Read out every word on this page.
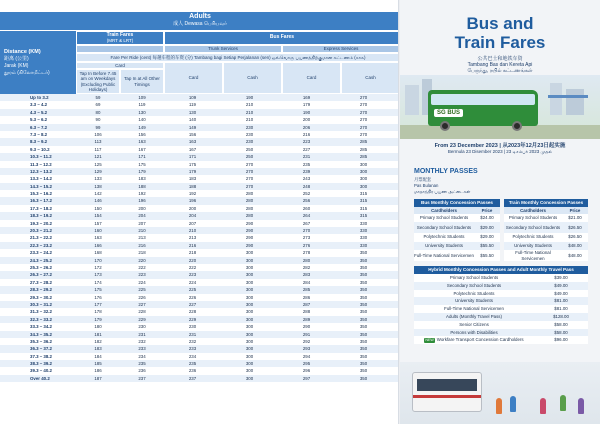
Adults
成人 Dewasa பெரியவர்
Distance (KM)
距离 (公里)
Jarak (KM)
தூரம் (கிலோமீட்டர்)
Train Fares
(MRT & LRT)
Bus Fares
Trunk Services	Express Services
Fare Per Ride (cent) 每趟车程的车资 (分) Tambang bagi Setiap Perjalanan (sen) ஒவ்வொரு பயணத்திற்குமான கட்டணம் (காசு)
Card
Tap In Before 7.45 am on Weekdays (Excluding Public Holidays)
Tap In at All Other Timings
Card	Cash	Card	Cash
Up to 3.2	59	109	109	190	169	270
3.3 – 4.2	69	119	119	210	179	270
4.3 – 5.2	80	130	130	210	190	270
5.3 – 6.2	90	140	140	210	200	270
6.3 – 7.2	99	149	149	230	206	270
7.3 – 8.2	106	156	156	230	216	270
8.3 – 9.2	113	163	163	230	223	285
9.3 – 10.2	117	167	167	250	227	285
10.3 – 11.2	121	171	171	250	231	285
11.3 – 12.2	125	175	175	270	235	300
12.3 – 13.2	129	179	179	270	239	300
13.3 – 14.2	133	183	183	270	243	300
14.3 – 15.2	138	188	188	270	248	300
15.3 – 16.2	142	192	192	280	252	315
16.3 – 17.2	146	196	196	280	256	315
17.3 – 18.2	150	200	200	280	260	315
18.3 – 19.2	154	204	204	280	264	315
19.3 – 20.2	157	207	207	290	267	330
20.3 – 21.2	160	210	210	290	270	330
21.3 – 22.2	163	213	213	290	273	330
22.3 – 23.2	166	216	216	290	276	330
23.3 – 24.2	168	218	218	300	278	350
24.3 – 25.2	170	220	220	300	280	350
25.3 – 26.2	172	222	222	300	282	350
26.3 – 27.2	173	223	223	300	283	350
27.3 – 28.2	174	224	224	300	284	350
28.3 – 29.2	175	225	225	300	285	350
29.3 – 30.2	176	226	226	300	286	350
30.3 – 31.2	177	227	227	300	287	350
31.3 – 32.2	178	228	228	300	288	350
32.3 – 33.2	179	229	229	300	289	350
33.3 – 34.2	180	230	230	300	290	350
34.3 – 35.2	181	231	231	300	291	350
35.3 – 36.2	182	232	232	300	292	350
36.3 – 37.2	183	233	233	300	293	350
37.3 – 38.2	184	234	234	300	294	350
38.3 – 39.2	185	235	235	300	295	350
39.3 – 40.2	186	236	236	300	296	350
Over 40.2	187	237	237	300	297	350
Bus and
Train Fares
公共巴士和地铁车资
Tambang Bas dan Kereta Api
பேருந்து, ரயில் கட்டணங்கள்
SG BUS
From 23 December 2023 | 从2023年12月23日起实施
Bermula 23 Disember 2023 | 23 டிசம்பர் 2023 முதல்
MONTHLY PASSES
月票配套
Pas Bulanan
மாதாந்திர பயண அட்டைகள்
Bus Monthly Concession Passes
Cardholders	Price
Primary School Students	$24.00
Secondary School Students	$29.00
Polytechnic Students	$29.00
University Students	$55.50
Full-Time National Servicemen	$55.50
Train Monthly Concession Passes
Cardholders	Price
Primary School Students	$21.00
Secondary School Students	$26.50
Polytechnic Students	$26.50
University Students	$48.00
Full-Time National Servicemen
$48.00
Hybrid Monthly Concession Passes and Adult Monthly Travel Pass
Primary School Students	$39.00
Secondary School Students	$49.00
Polytechnic Students	$49.00
University Students	$81.00
Full-Time National Servicemen	$81.00
Adults (Monthly Travel Pass)	$128.00
Senior Citizens	$58.00
Persons with Disabilities	$58.00
NEW Workfare Transport Concession Cardholders	$96.00
